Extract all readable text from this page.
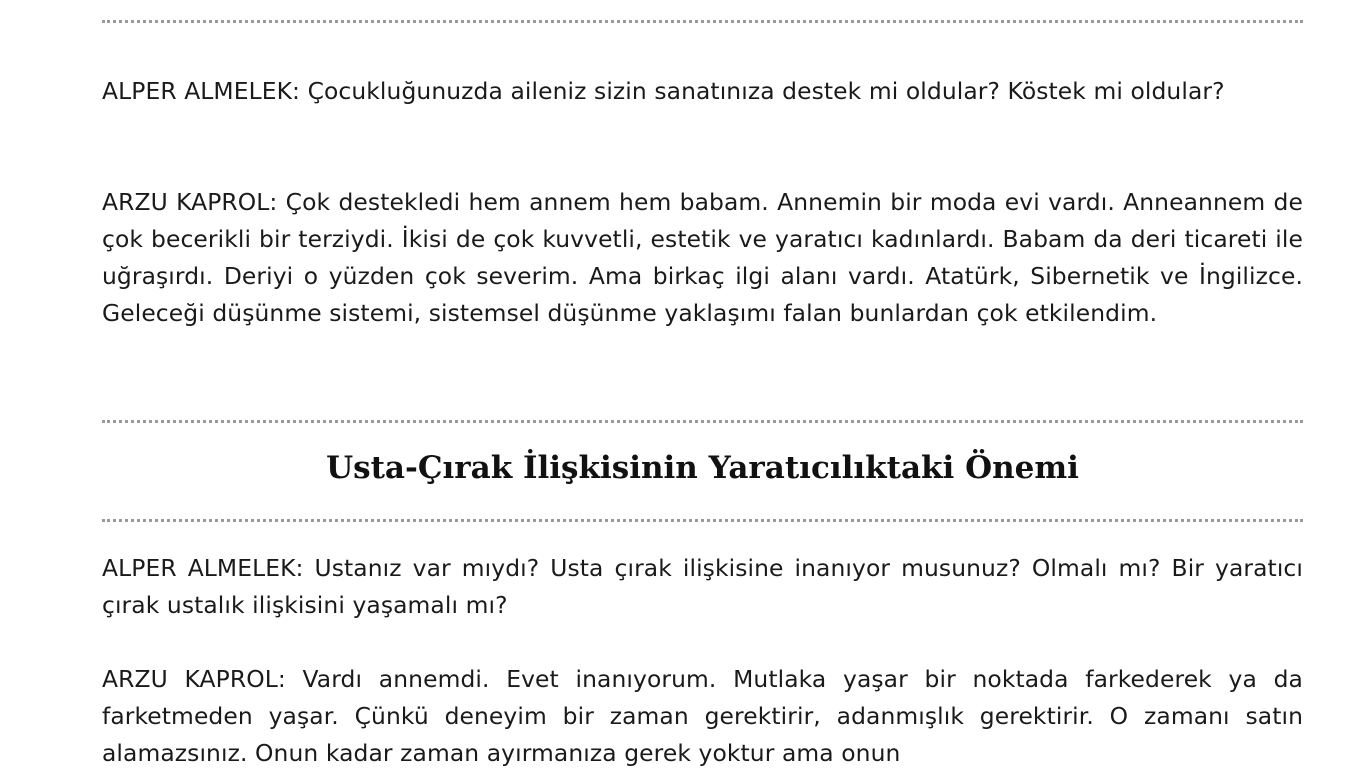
ALPER ALMELEK: Çocukluğunuzda aileniz sizin sanatınıza destek mi oldular? Köstek mi oldular?

ARZU KAPROL: Çok destekledi hem annem hem babam. Annemin bir moda evi vardı. Anneannem de çok becerikli bir terziydi. İkisi de çok kuvvetli, estetik ve yaratıcı kadınlardı. Babam da deri ticareti ile uğraşırdı. Deriyi o yüzden çok severim. Ama birkaç ilgi alanı vardı. Atatürk, Sibernetik ve İngilizce. Geleceği düşünme sistemi, sistemsel düşünme yaklaşımı falan bunlardan çok etkilendim.

Usta-Çırak İlişkisinin Yaratıcılıktaki Önemi

ALPER ALMELEK: Ustanız var mıydı? Usta çırak ilişkisine inanıyor musunuz? Olmalı mı? Bir yaratıcı çırak ustalık ilişkisini yaşamalı mı?

ARZU KAPROL: Vardı annemdi. Evet inanıyorum. Mutlaka yaşar bir noktada farkederek ya da farketmeden yaşar. Çünkü deneyim bir zaman gerektirir, adanmışlık gerektirir. O zamanı satın alamazsınız. Onun kadar zaman ayırmanıza gerek yoktur ama onun
